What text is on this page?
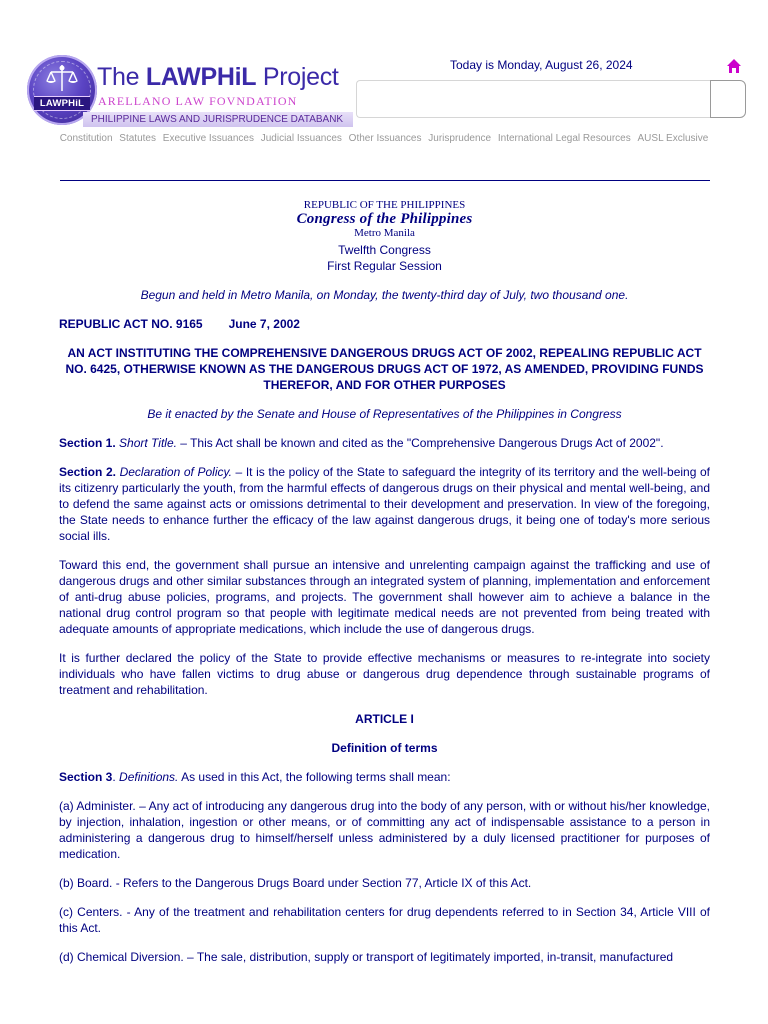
LAWPHiL
The LAWPHiL Project
ARELLANO LAW FOVNDATION
PHILIPPINE LAWS AND JURISPRUDENCE DATABANK
Today is Monday, August 26, 2024
Constitution Statutes Executive Issuances Judicial Issuances Other Issuances Jurisprudence International Legal Resources AUSL Exclusive

REPUBLIC OF THE PHILIPPINES

Congress of the Philippines

Metro Manila

Twelfth Congress

First Regular Session

Begun and held in Metro Manila, on Monday, the twenty-third day of July, two thousand one.

REPUBLIC ACT NO. 9165 June 7, 2002

AN ACT INSTITUTING THE COMPREHENSIVE DANGEROUS DRUGS ACT OF 2002, REPEALING REPUBLIC ACT NO. 6425, OTHERWISE KNOWN AS THE DANGEROUS DRUGS ACT OF 1972, AS AMENDED, PROVIDING FUNDS THEREFOR, AND FOR OTHER PURPOSES

Be it enacted by the Senate and House of Representatives of the Philippines in Congress

Section 1. Short Title. – This Act shall be known and cited as the "Comprehensive Dangerous Drugs Act of 2002".

Section 2. Declaration of Policy. – It is the policy of the State to safeguard the integrity of its territory and the well-being of its citizenry particularly the youth, from the harmful effects of dangerous drugs on their physical and mental well-being, and to defend the same against acts or omissions detrimental to their development and preservation. In view of the foregoing, the State needs to enhance further the efficacy of the law against dangerous drugs, it being one of today's more serious social ills.

Toward this end, the government shall pursue an intensive and unrelenting campaign against the trafficking and use of dangerous drugs and other similar substances through an integrated system of planning, implementation and enforcement of anti-drug abuse policies, programs, and projects. The government shall however aim to achieve a balance in the national drug control program so that people with legitimate medical needs are not prevented from being treated with adequate amounts of appropriate medications, which include the use of dangerous drugs.

It is further declared the policy of the State to provide effective mechanisms or measures to re-integrate into society individuals who have fallen victims to drug abuse or dangerous drug dependence through sustainable programs of treatment and rehabilitation.

ARTICLE I

Definition of terms

Section 3. Definitions. As used in this Act, the following terms shall mean:

(a) Administer. – Any act of introducing any dangerous drug into the body of any person, with or without his/her knowledge, by injection, inhalation, ingestion or other means, or of committing any act of indispensable assistance to a person in administering a dangerous drug to himself/herself unless administered by a duly licensed practitioner for purposes of medication.

(b) Board. - Refers to the Dangerous Drugs Board under Section 77, Article IX of this Act.

(c) Centers. - Any of the treatment and rehabilitation centers for drug dependents referred to in Section 34, Article VIII of this Act.

(d) Chemical Diversion. – The sale, distribution, supply or transport of legitimately imported, in-transit, manufactured
